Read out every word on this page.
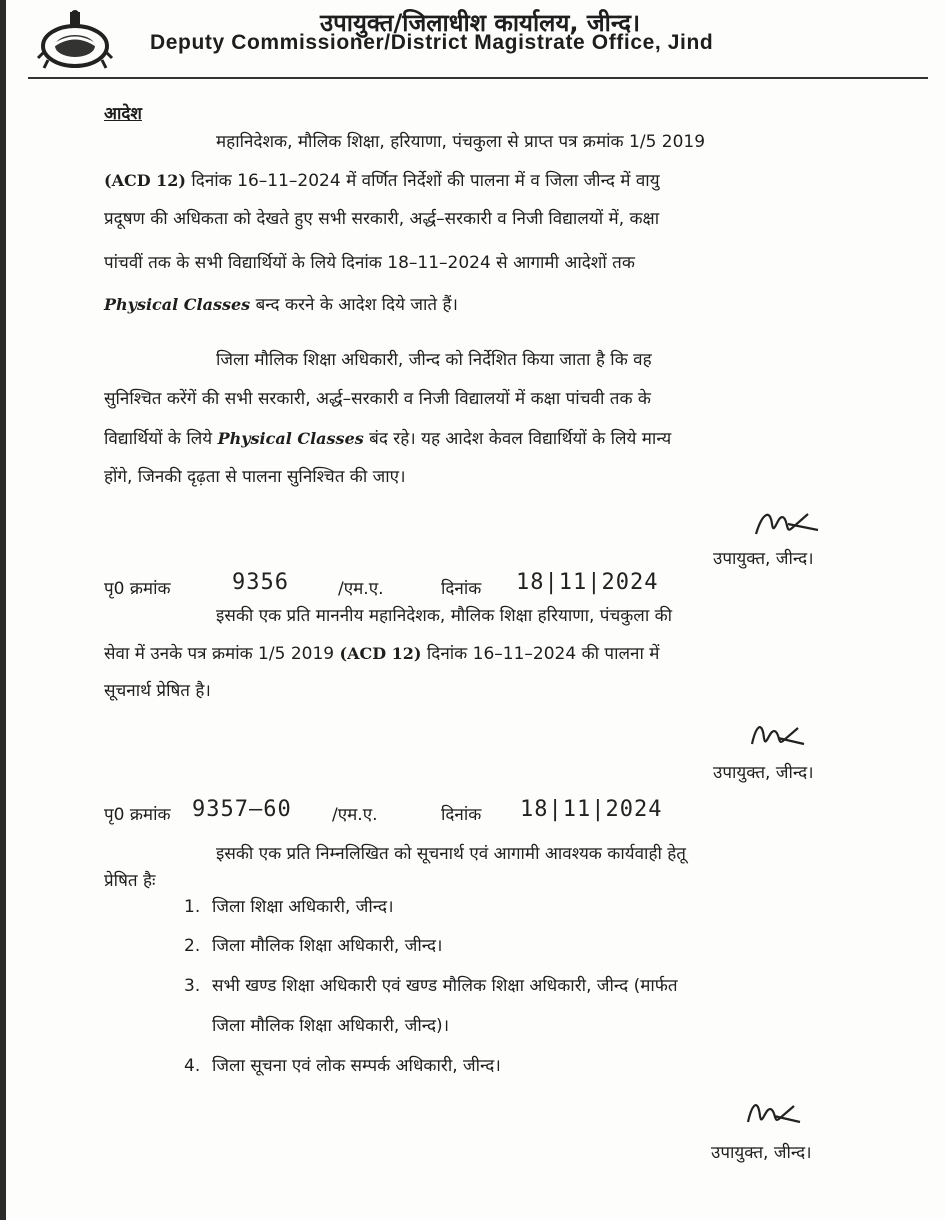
उपायुक्त/जिलाधीश कार्यालय, जीन्द।
Deputy Commissioner/District Magistrate Office, Jind
आदेश
महानिदेशक, मौलिक शिक्षा, हरियाणा, पंचकुला से प्राप्त पत्र क्रमांक 1/5 2019
(ACD 12) दिनांक 16–11–2024 में वर्णित निर्देशों की पालना में व जिला जीन्द में वायु
प्रदूषण की अधिकता को देखते हुए सभी सरकारी, अर्द्ध–सरकारी व निजी विद्यालयों में, कक्षा
पांचवीं तक के सभी विद्यार्थियों के लिये दिनांक 18–11–2024 से आगामी आदेशों तक
Physical Classes बन्द करने के आदेश दिये जाते हैं।
जिला मौलिक शिक्षा अधिकारी, जीन्द को निर्देशित किया जाता है कि वह
सुनिश्चित करेंगें की सभी सरकारी, अर्द्ध–सरकारी व निजी विद्यालयों में कक्षा पांचवी तक के
विद्यार्थियों के लिये Physical Classes बंद रहे। यह आदेश केवल विद्यार्थियों के लिये मान्य
होंगे, जिनकी दृढ़ता से पालना सुनिश्चित की जाए।
उपायुक्त, जीन्द।
पृ0 क्रमांक	9356	/एम.ए.	दिनांक 18|11|2024
इसकी एक प्रति माननीय महानिदेशक, मौलिक शिक्षा हरियाणा, पंचकुला की
सेवा में उनके पत्र क्रमांक 1/5 2019 (ACD 12) दिनांक 16–11–2024 की पालना में
सूचनार्थ प्रेषित है।
उपायुक्त, जीन्द।
पृ0 क्रमांक 9357–60 /एम.ए.	दिनांक 18|11|2024
इसकी एक प्रति निम्नलिखित को सूचनार्थ एवं आगामी आवश्यक कार्यवाही हेतू
प्रेषित हैः
1. जिला शिक्षा अधिकारी, जीन्द।
2. जिला मौलिक शिक्षा अधिकारी, जीन्द।
3. सभी खण्ड शिक्षा अधिकारी एवं खण्ड मौलिक शिक्षा अधिकारी, जीन्द (मार्फत
जिला मौलिक शिक्षा अधिकारी, जीन्द)।
4. जिला सूचना एवं लोक सम्पर्क अधिकारी, जीन्द।
उपायुक्त, जीन्द।
